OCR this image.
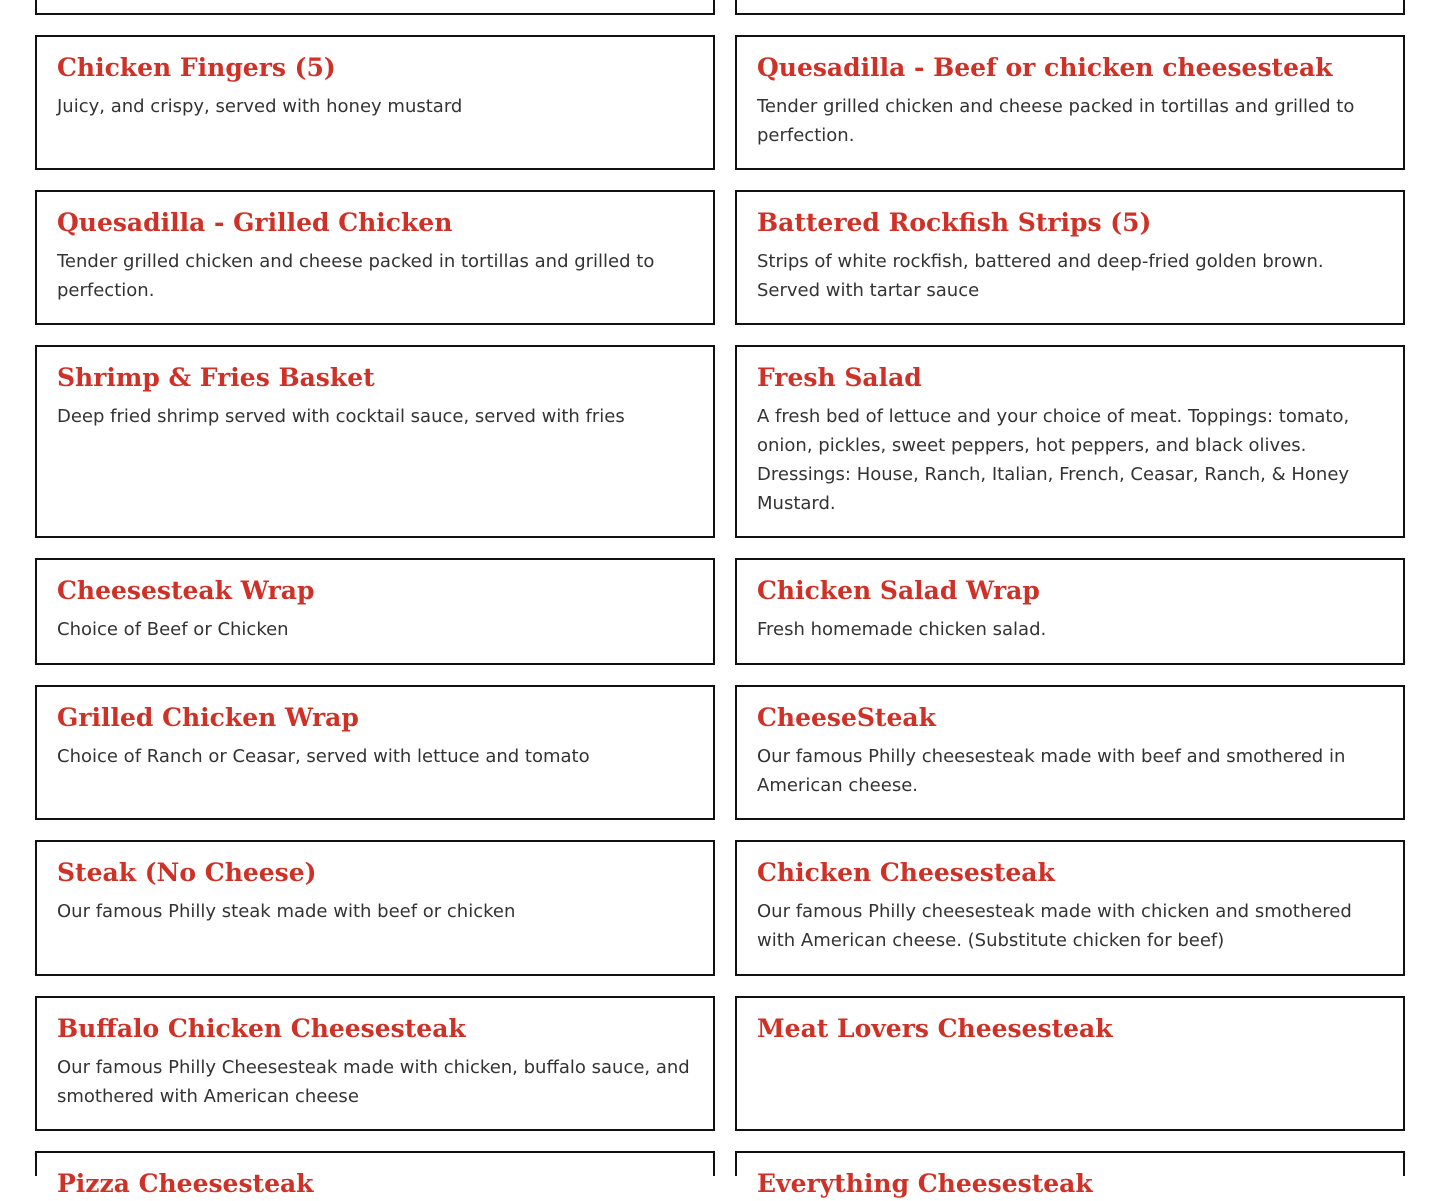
Chicken Fingers (5)

Juicy, and crispy, served with honey mustard

Quesadilla - Beef or chicken cheesesteak

Tender grilled chicken and cheese packed in tortillas and grilled to perfection.

Quesadilla - Grilled Chicken

Tender grilled chicken and cheese packed in tortillas and grilled to perfection.

Battered Rockfish Strips (5)

Strips of white rockfish, battered and deep-fried golden brown. Served with tartar sauce

Shrimp & Fries Basket

Deep fried shrimp served with cocktail sauce, served with fries

Fresh Salad

A fresh bed of lettuce and your choice of meat. Toppings: tomato, onion, pickles, sweet peppers, hot peppers, and black olives. Dressings: House, Ranch, Italian, French, Ceasar, Ranch, & Honey Mustard.

Cheesesteak Wrap

Choice of Beef or Chicken

Chicken Salad Wrap

Fresh homemade chicken salad.

Grilled Chicken Wrap

Choice of Ranch or Ceasar, served with lettuce and tomato

CheeseSteak

Our famous Philly cheesesteak made with beef and smothered in American cheese.

Steak (No Cheese)

Our famous Philly steak made with beef or chicken

Chicken Cheesesteak

Our famous Philly cheesesteak made with chicken and smothered with American cheese. (Substitute chicken for beef)

Buffalo Chicken Cheesesteak

Our famous Philly Cheesesteak made with chicken, buffalo sauce, and smothered with American cheese

Meat Lovers Cheesesteak

Pizza Cheesesteak	Everything Cheesesteak
